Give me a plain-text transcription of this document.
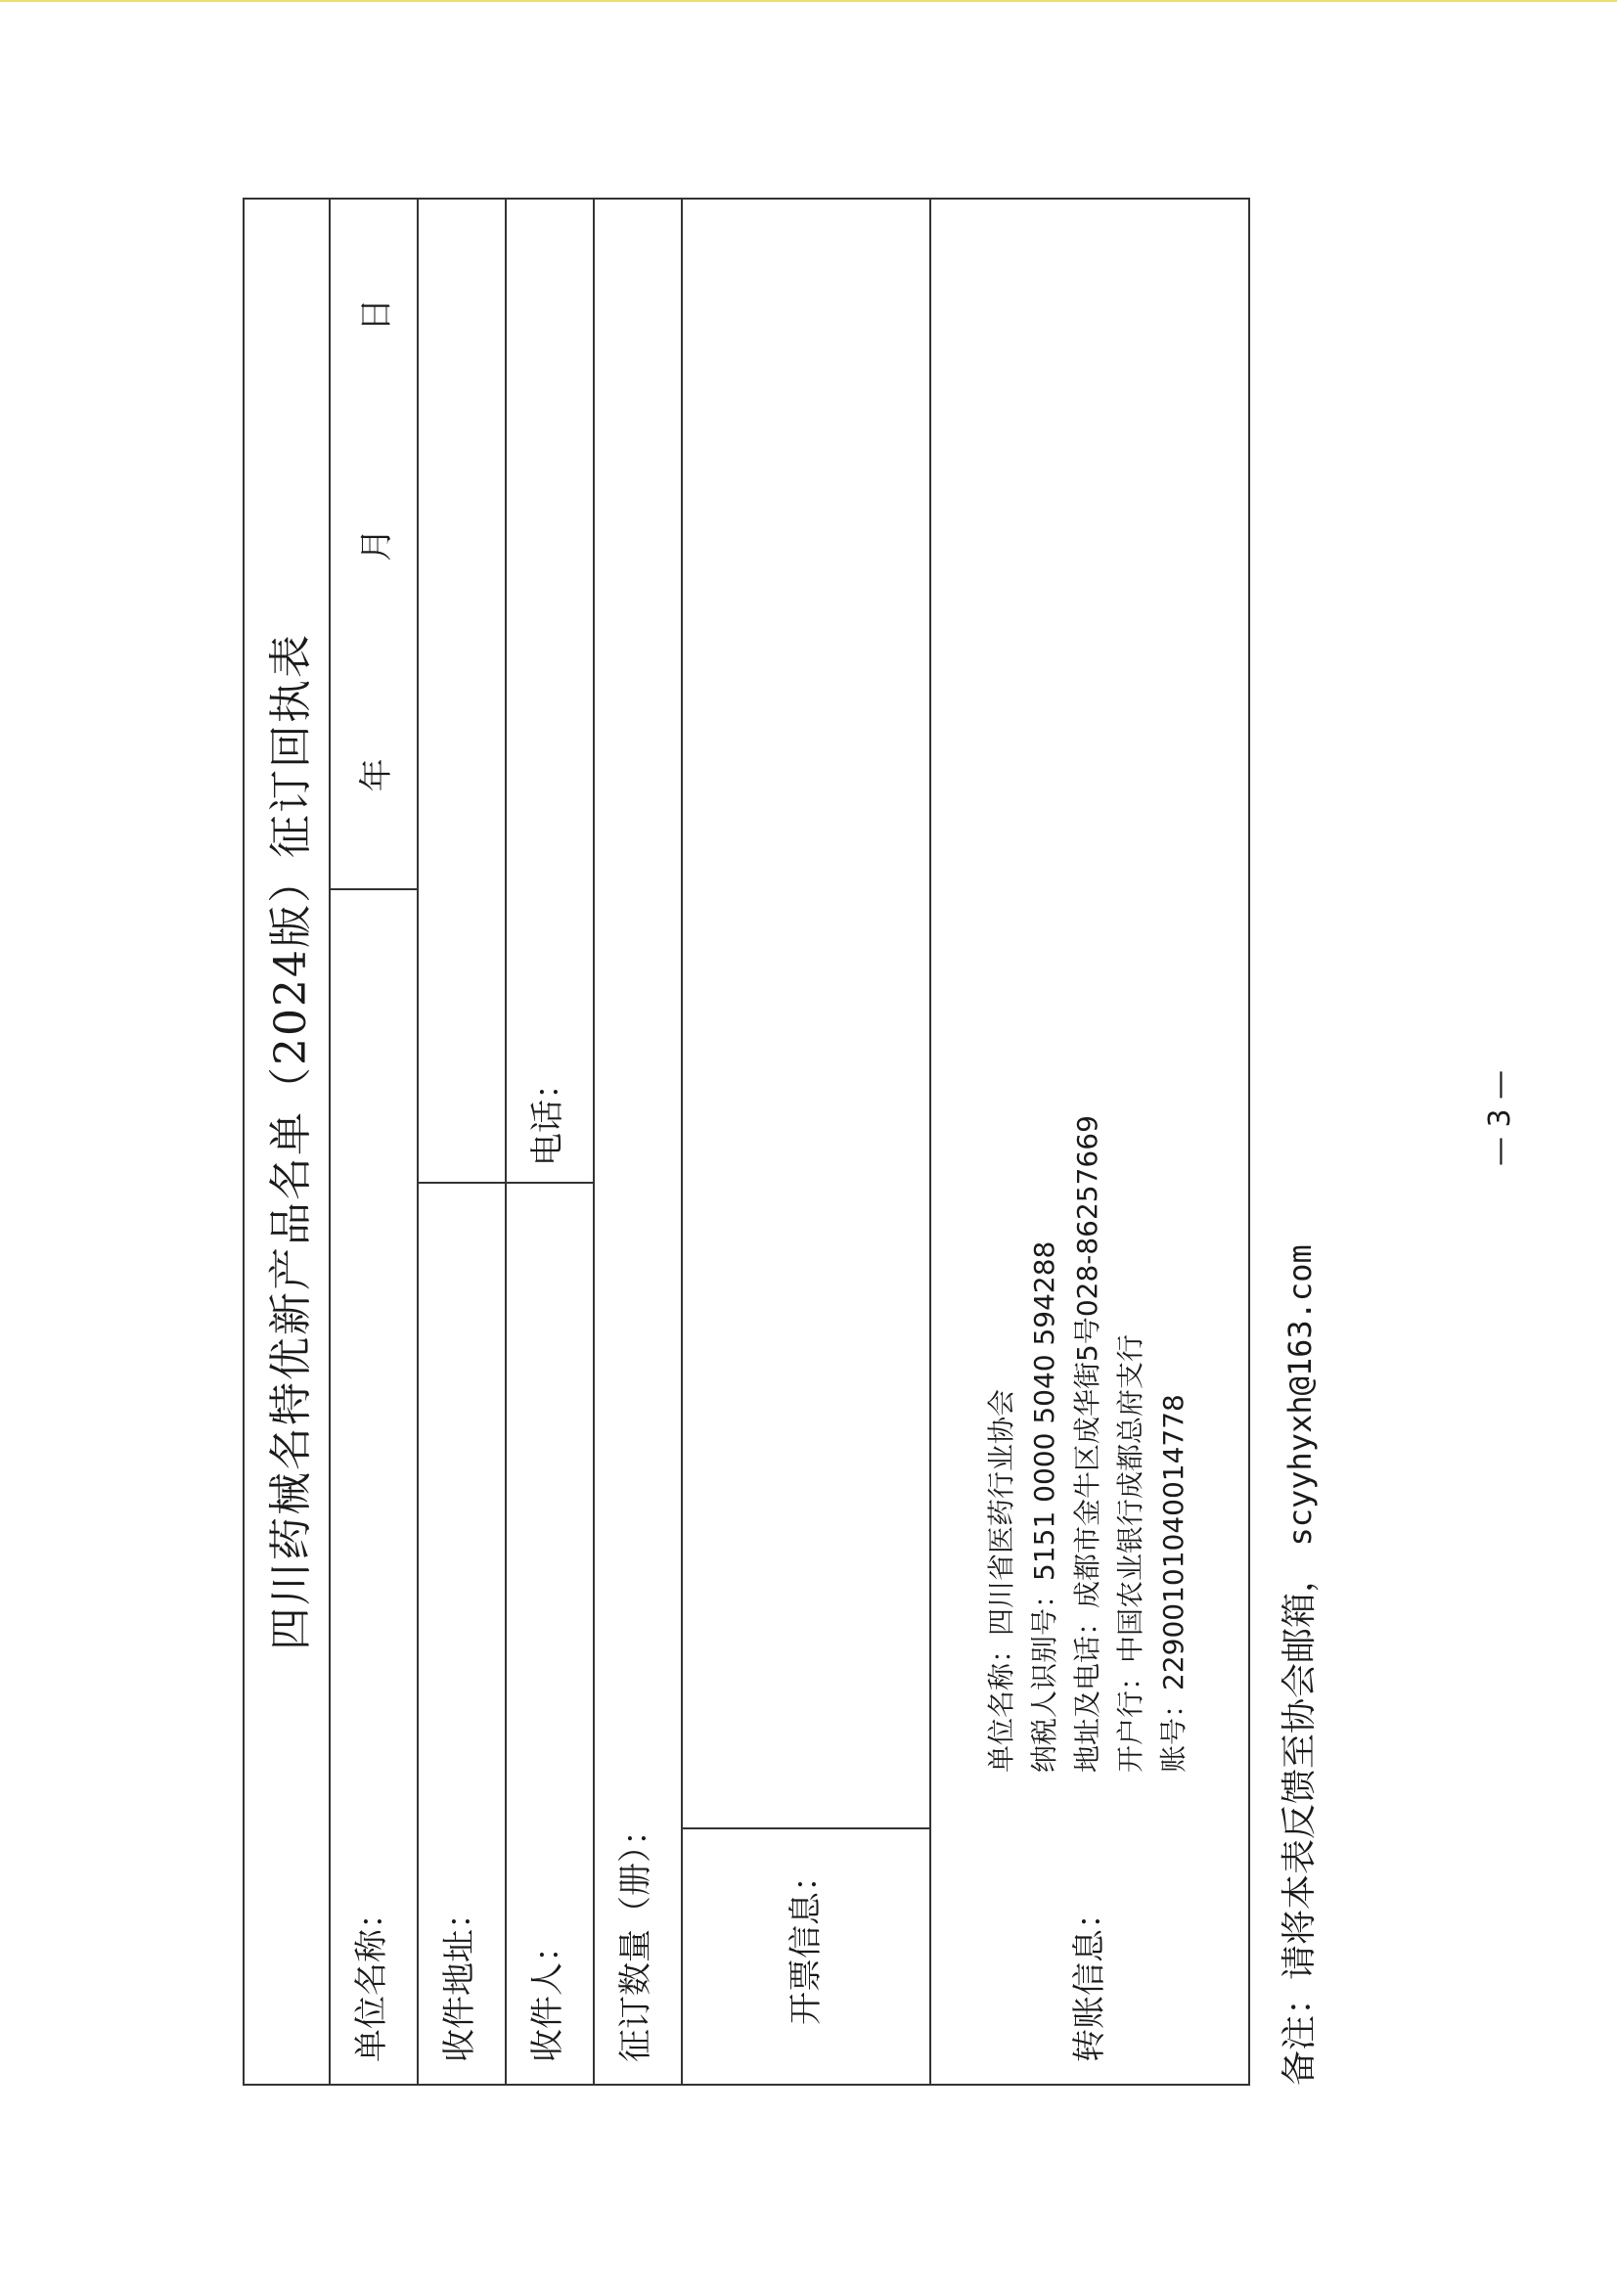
四川药械名特优新产品名单（2024版）征订回执表
单位名称：
年
月
日
收件地址： 收件人：
电话：
征订数量（册）：	开票信息：	转账信息：
单位名称：四川省医药行业协会 纳税人识别号：5151 0000 5040 594288 地址及电话：成都市金牛区成华街5号028-86257669 开户行：中国农业银行成都总府支行 账号：22900101040014778
备注：请将本表反馈至协会邮箱， scyyhyxh@163.com
— 3 —
